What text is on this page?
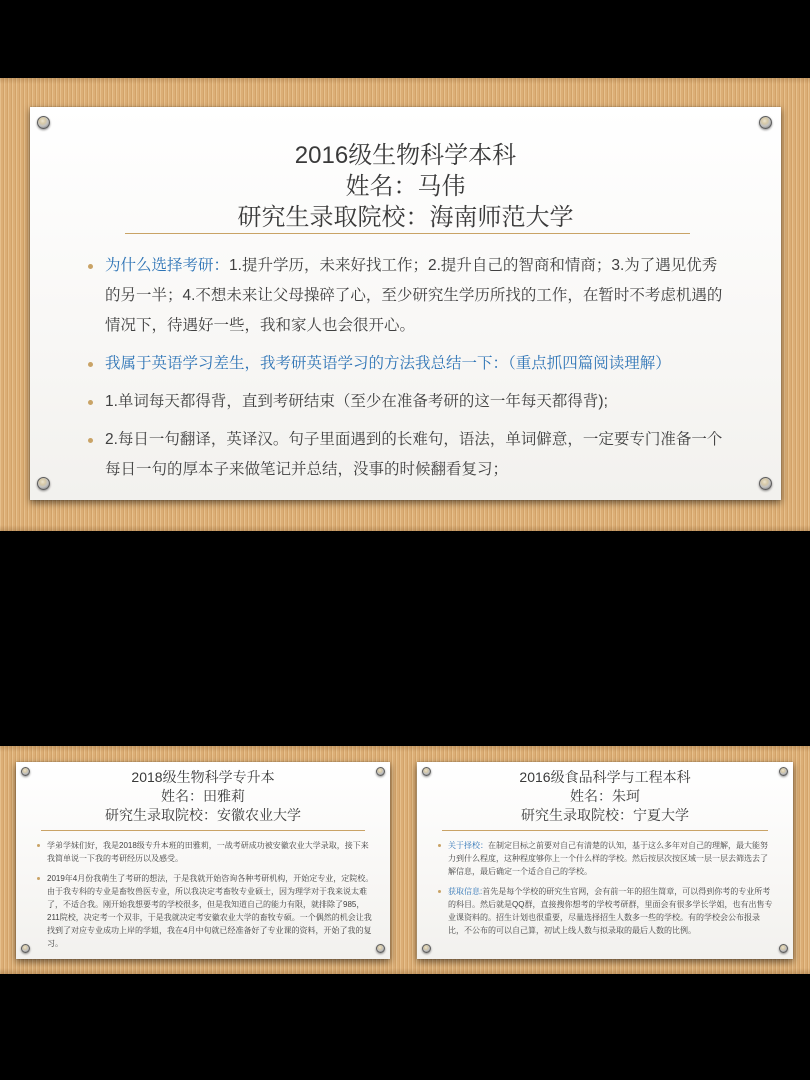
2016级生物科学本科
姓名：马伟
研究生录取院校：海南师范大学
为什么选择考研：1.提升学历，未来好找工作；2.提升自己的智商和情商；3.为了遇见优秀的另一半；4.不想未来让父母操碎了心，至少研究生学历所找的工作，在暂时不考虑机遇的情况下，待遇好一些，我和家人也会很开心。
我属于英语学习差生，我考研英语学习的方法我总结一下：（重点抓四篇阅读理解）
1.单词每天都得背，直到考研结束（至少在准备考研的这一年每天都得背);
2.每日一句翻译，英译汉。句子里面遇到的长难句，语法，单词僻意，一定要专门准备一个每日一句的厚本子来做笔记并总结，没事的时候翻看复习；
2018级生物科学专升本
姓名：田雅莉
研究生录取院校：安徽农业大学
学弟学妹们好，我是2018级专升本班的田雅莉，一战考研成功被安徽农业大学录取，接下来我简单说一下我的考研经历以及感受。
2019年4月份我萌生了考研的想法，于是我就开始咨询各种考研机构，开始定专业，定院校。由于我专科的专业是畜牧兽医专业，所以我决定考畜牧专业硕士，因为理学对于我来说太难了，不适合我。刚开始我想要考的学校很多，但是我知道自己的能力有限，就排除了985，211院校，决定考一个双非，于是我就决定考安徽农业大学的畜牧专硕。一个偶然的机会让我找到了对应专业成功上岸的学姐，我在4月中旬就已经准备好了专业课的资料，开始了我的复习。
2016级食品科学与工程本科
姓名：朱珂
研究生录取院校：宁夏大学
关于择校：在制定目标之前要对自己有清楚的认知，基于这么多年对自己的理解，最大能努力到什么程度，这种程度够你上一个什么样的学校。然后按层次按区域一层一层去筛选去了解信息，最后确定一个适合自己的学校。
获取信息:首先是每个学校的研究生官网，会有前一年的招生简章，可以得到你考的专业所考的科目。然后就是QQ群，直接搜你想考的学校考研群，里面会有很多学长学姐，也有出售专业课资料的。招生计划也很重要，尽量选择招生人数多一些的学校。有的学校会公布报录比，不公布的可以自己算，初试上线人数与拟录取的最后人数的比例。
